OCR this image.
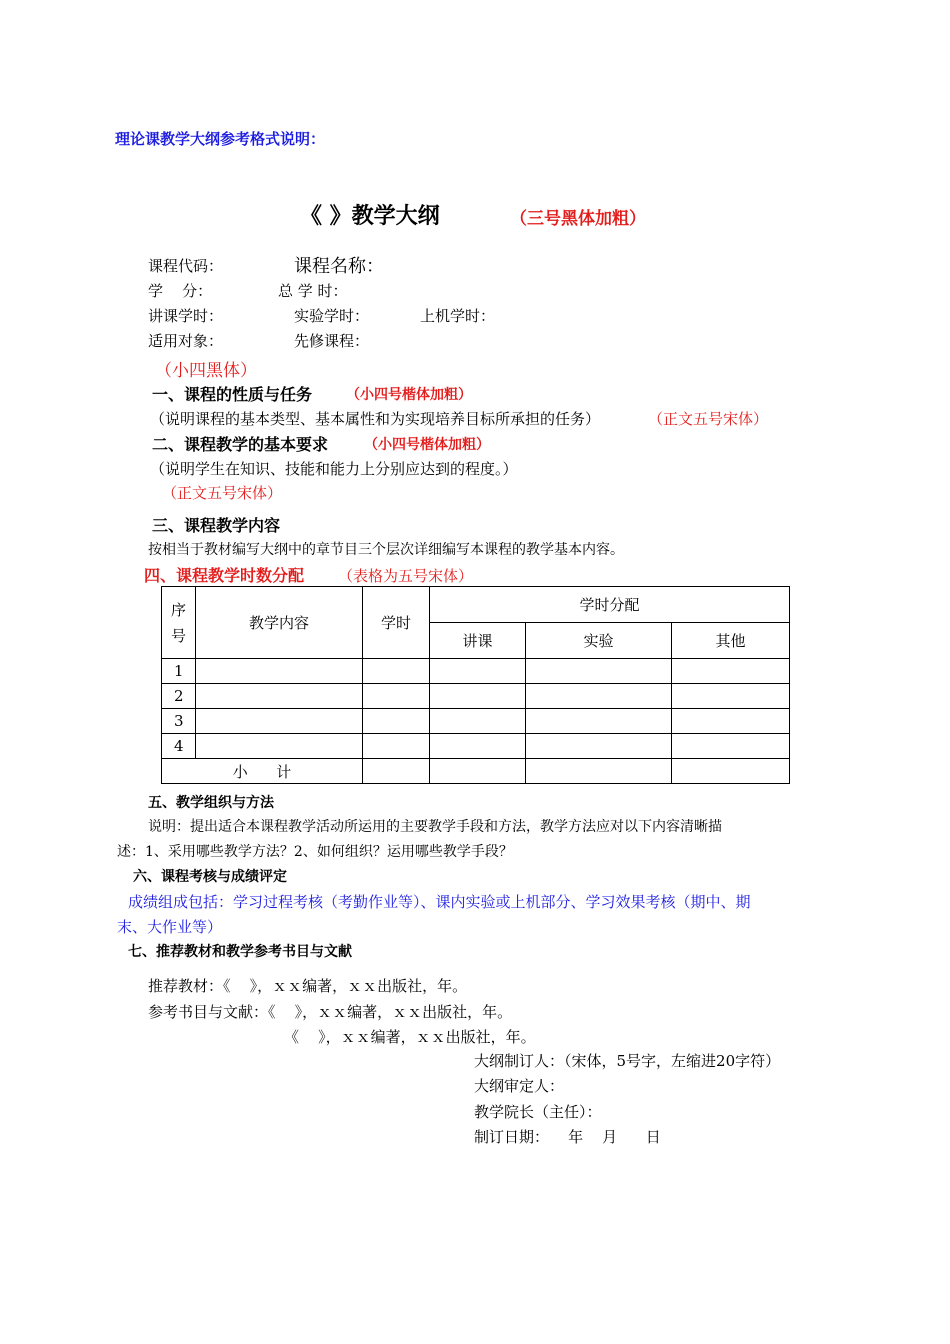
理论课教学大纲参考格式说明：
《 》教学大纲	（三号黑体加粗）
课程代码：	课程名称：
学    分：	总 学 时：
讲课学时：	实验学时：	上机学时：
适用对象：	先修课程：
（小四黑体）
一、课程的性质与任务 （小四号楷体加粗）
（说明课程的基本类型、基本属性和为实现培养目标所承担的任务）	（正文五号宋体）
二、课程教学的基本要求	（小四号楷体加粗）
（说明学生在知识、技能和能力上分别应达到的程度。）
（正文五号宋体）
三、课程教学内容
按相当于教材编写大纲中的章节目三个层次详细编写本课程的教学基本内容。
四、课程教学时数分配 （表格为五号宋体）
序号	教学内容	学时	学时分配		
			讲课	实验	其他
1					
2					
3					
4					
小      计					
五、教学组织与方法
说明：提出适合本课程教学活动所运用的主要教学手段和方法，教学方法应对以下内容清晰描
述：1、采用哪些教学方法？2、如何组织？运用哪些教学手段？
六、课程考核与成绩评定
成绩组成包括：学习过程考核（考勤作业等）、课内实验或上机部分、学习效果考核（期中、期
末、大作业等）
七、推荐教材和教学参考书目与文献
推荐教材：《    》，ｘｘ编著，ｘｘ出版社，年。
参考书目与文献：《    》，ｘｘ编著，ｘｘ出版社，年。
《    》，ｘｘ编著，ｘｘ出版社，年。
大纲制订人：（宋体，5号字，左缩进20字符）
大纲审定人：
教学院长（主任）：
制订日期：    年    月      日
